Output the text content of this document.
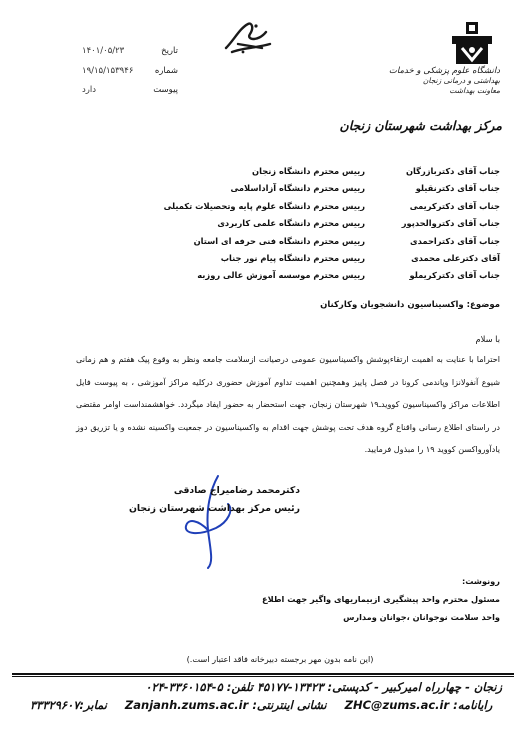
تاریخ
۱۴۰۱/۰۵/۲۳
شماره
۱۹/۱۵/۱۵۳۹۴۶
پیوست
دارد
دانشگاه علوم پزشکی و خدمات
بهداشتی و درمانی زنجان
معاونت بهداشت
مرکز بهداشت شهرستان زنجان
جناب آقای دکتربازرگان
جناب آقای دکترنقیلو
جناب آقای دکترکریمی
جناب آقای دکتروالحدپور
جناب آقای دکتراحمدی
آقای دکترعلی محمدی
جناب آقای دکترکریملو
رییس محترم دانشگاه زنجان
رییس محترم دانشگاه آزاداسلامی
رییس محترم دانشگاه علوم پایه وتحصیلات تکمیلی
رییس محترم دانشگاه علمی کاربردی
رییس محترم دانشگاه فنی حرفه ای استان
رییس محترم دانشگاه پیام نور جناب
رییس محترم موسسه آموزش عالی روزبه
موضوع: واکسیناسیون دانشجویان وکارکنان
با سلام
احتراما با عنایت به اهمیت ارتقاءپوشش واکسیناسیون عمومی درصیانت ازسلامت جامعه ونظر به وقوع پیک هفتم و هم زمانی شیوع آنفولانزا وپاندمی کرونا در فصل پاییز وهمچنین اهمیت تداوم آموزش حضوری درکلیه مراکز آموزشی ، به پیوست فایل اطلاعات مراکز واکسیناسیون کوویدـ۱۹ شهرستان زنجان، جهت استحضار به حضور ایفاد میگردد. خواهشمنداست اوامر مقتضی در راستای اطلاع رسانی واقناع گروه هدف تحت پوشش جهت اقدام به واکسیناسیون در جمعیت واکسینه نشده و یا تزریق دوز یادآورواکسن کووید ۱۹ را مبذول فرمایید.
دکترمحمد رضامیراج صادقی
رئیس مرکز بهداشت شهرستان زنجان
رونوشت:
مسئول محترم واحد پیشگیری ازبیماریهای واگیر جهت اطلاع
واحد سلامت نوجوانان ،جوانان ومدارس
(این نامه بدون مهر برجسته دبیرخانه فاقد اعتبار است.)
زنجان - چهارراه امیرکبیر - کدپستی: ۱۳۴۲۳-۴۵۱۷۷ تلفن: ۵-۳۳۶۰۱۵۴-۰۲۴
نمابر:۳۳۳۲۹۶۰۷	نشانی اینترنتی: Zanjanh.zums.ac.ir	رایانامه: ZHC@zums.ac.ir
